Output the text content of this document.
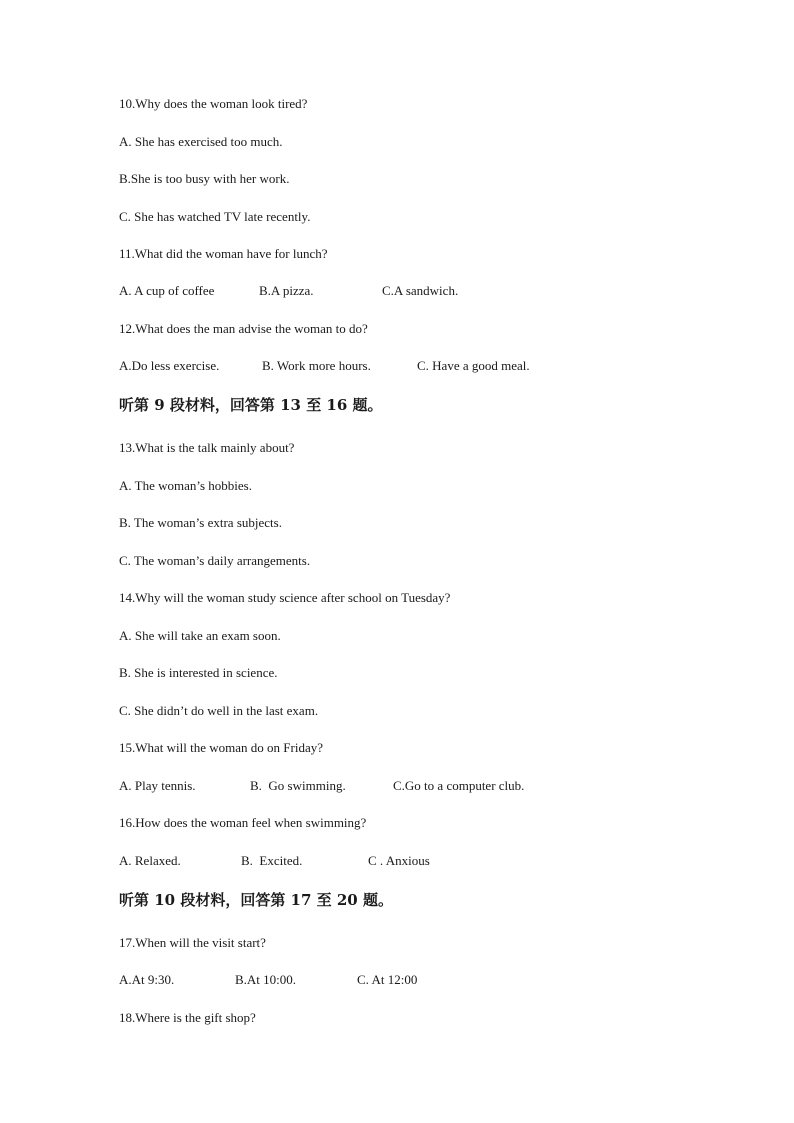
10.Why does the woman look tired?
A. She has exercised too much.
B.She is too busy with her work.
C. She has watched TV late recently.
11.What did the woman have for lunch?
A. A cup of coffee	B.A pizza.	C.A sandwich.
12.What does the man advise the woman to do?
A.Do less exercise.	B. Work more hours.	C. Have a good meal.
听第 9 段材料，回答第 13 至 16 题。
13.What is the talk mainly about?
A. The woman’s hobbies.
B. The woman’s extra subjects.
C. The woman’s daily arrangements.
14.Why will the woman study science after school on Tuesday?
A. She will take an exam soon.
B. She is interested in science.
C. She didn’t do well in the last exam.
15.What will the woman do on Friday?
A. Play tennis.	B.  Go swimming.	C.Go to a computer club.
16.How does the woman feel when swimming?
A. Relaxed.	B.  Excited.	C . Anxious
听第 10 段材料，回答第 17 至 20 题。
17.When will the visit start?
A.At 9:30.	B.At 10:00.	C. At 12:00
18.Where is the gift shop?
